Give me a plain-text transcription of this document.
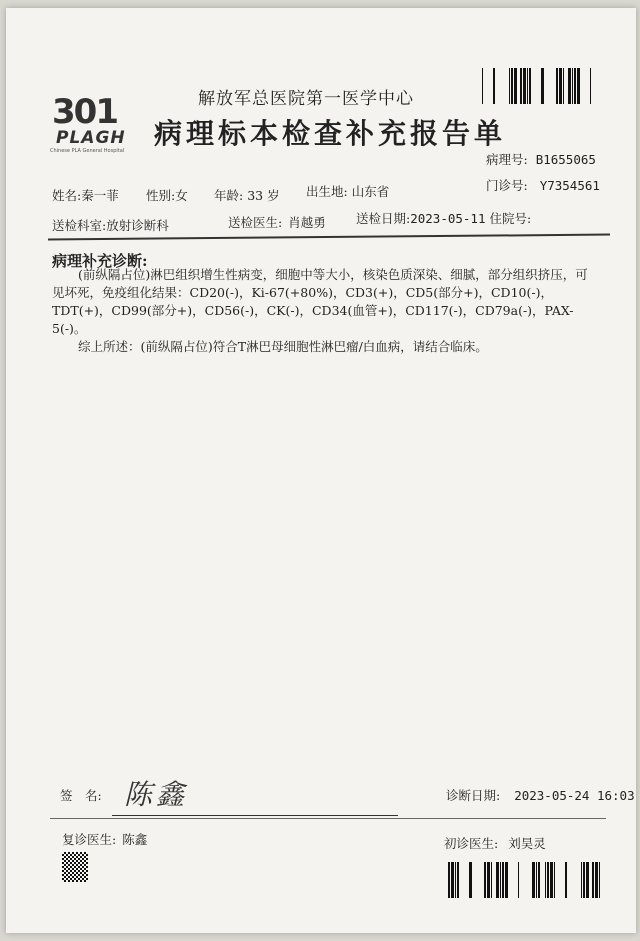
301
PLAGH
Chinese PLA General Hospital
解放军总医院第一医学中心
病理标本检查补充报告单
病理号: B1655065
门诊号: Y7354561
姓名:秦一菲 性别:女 年龄: 33 岁 出生地: 山东省
送检科室:放射诊断科	送检医生: 肖越勇 送检日期:2023-05-11 住院号:
病理补充诊断:

(前纵隔占位)淋巴组织增生性病变，细胞中等大小，核染色质深染、细腻，部分组织挤压，可见坏死，免疫组化结果：CD20(-)，Ki-67(+80%)，CD3(+)，CD5(部分+)，CD10(-)，TDT(+)，CD99(部分+)，CD56(-)，CK(-)，CD34(血管+)，CD117(-)，CD79a(-)，PAX-5(-)。

综上所述：(前纵隔占位)符合T淋巴母细胞性淋巴瘤/白血病，请结合临床。

签　名: 陈鑫	诊断日期: 2023-05-24 16:03
复诊医生: 陈鑫	初诊医生: 刘昊灵
